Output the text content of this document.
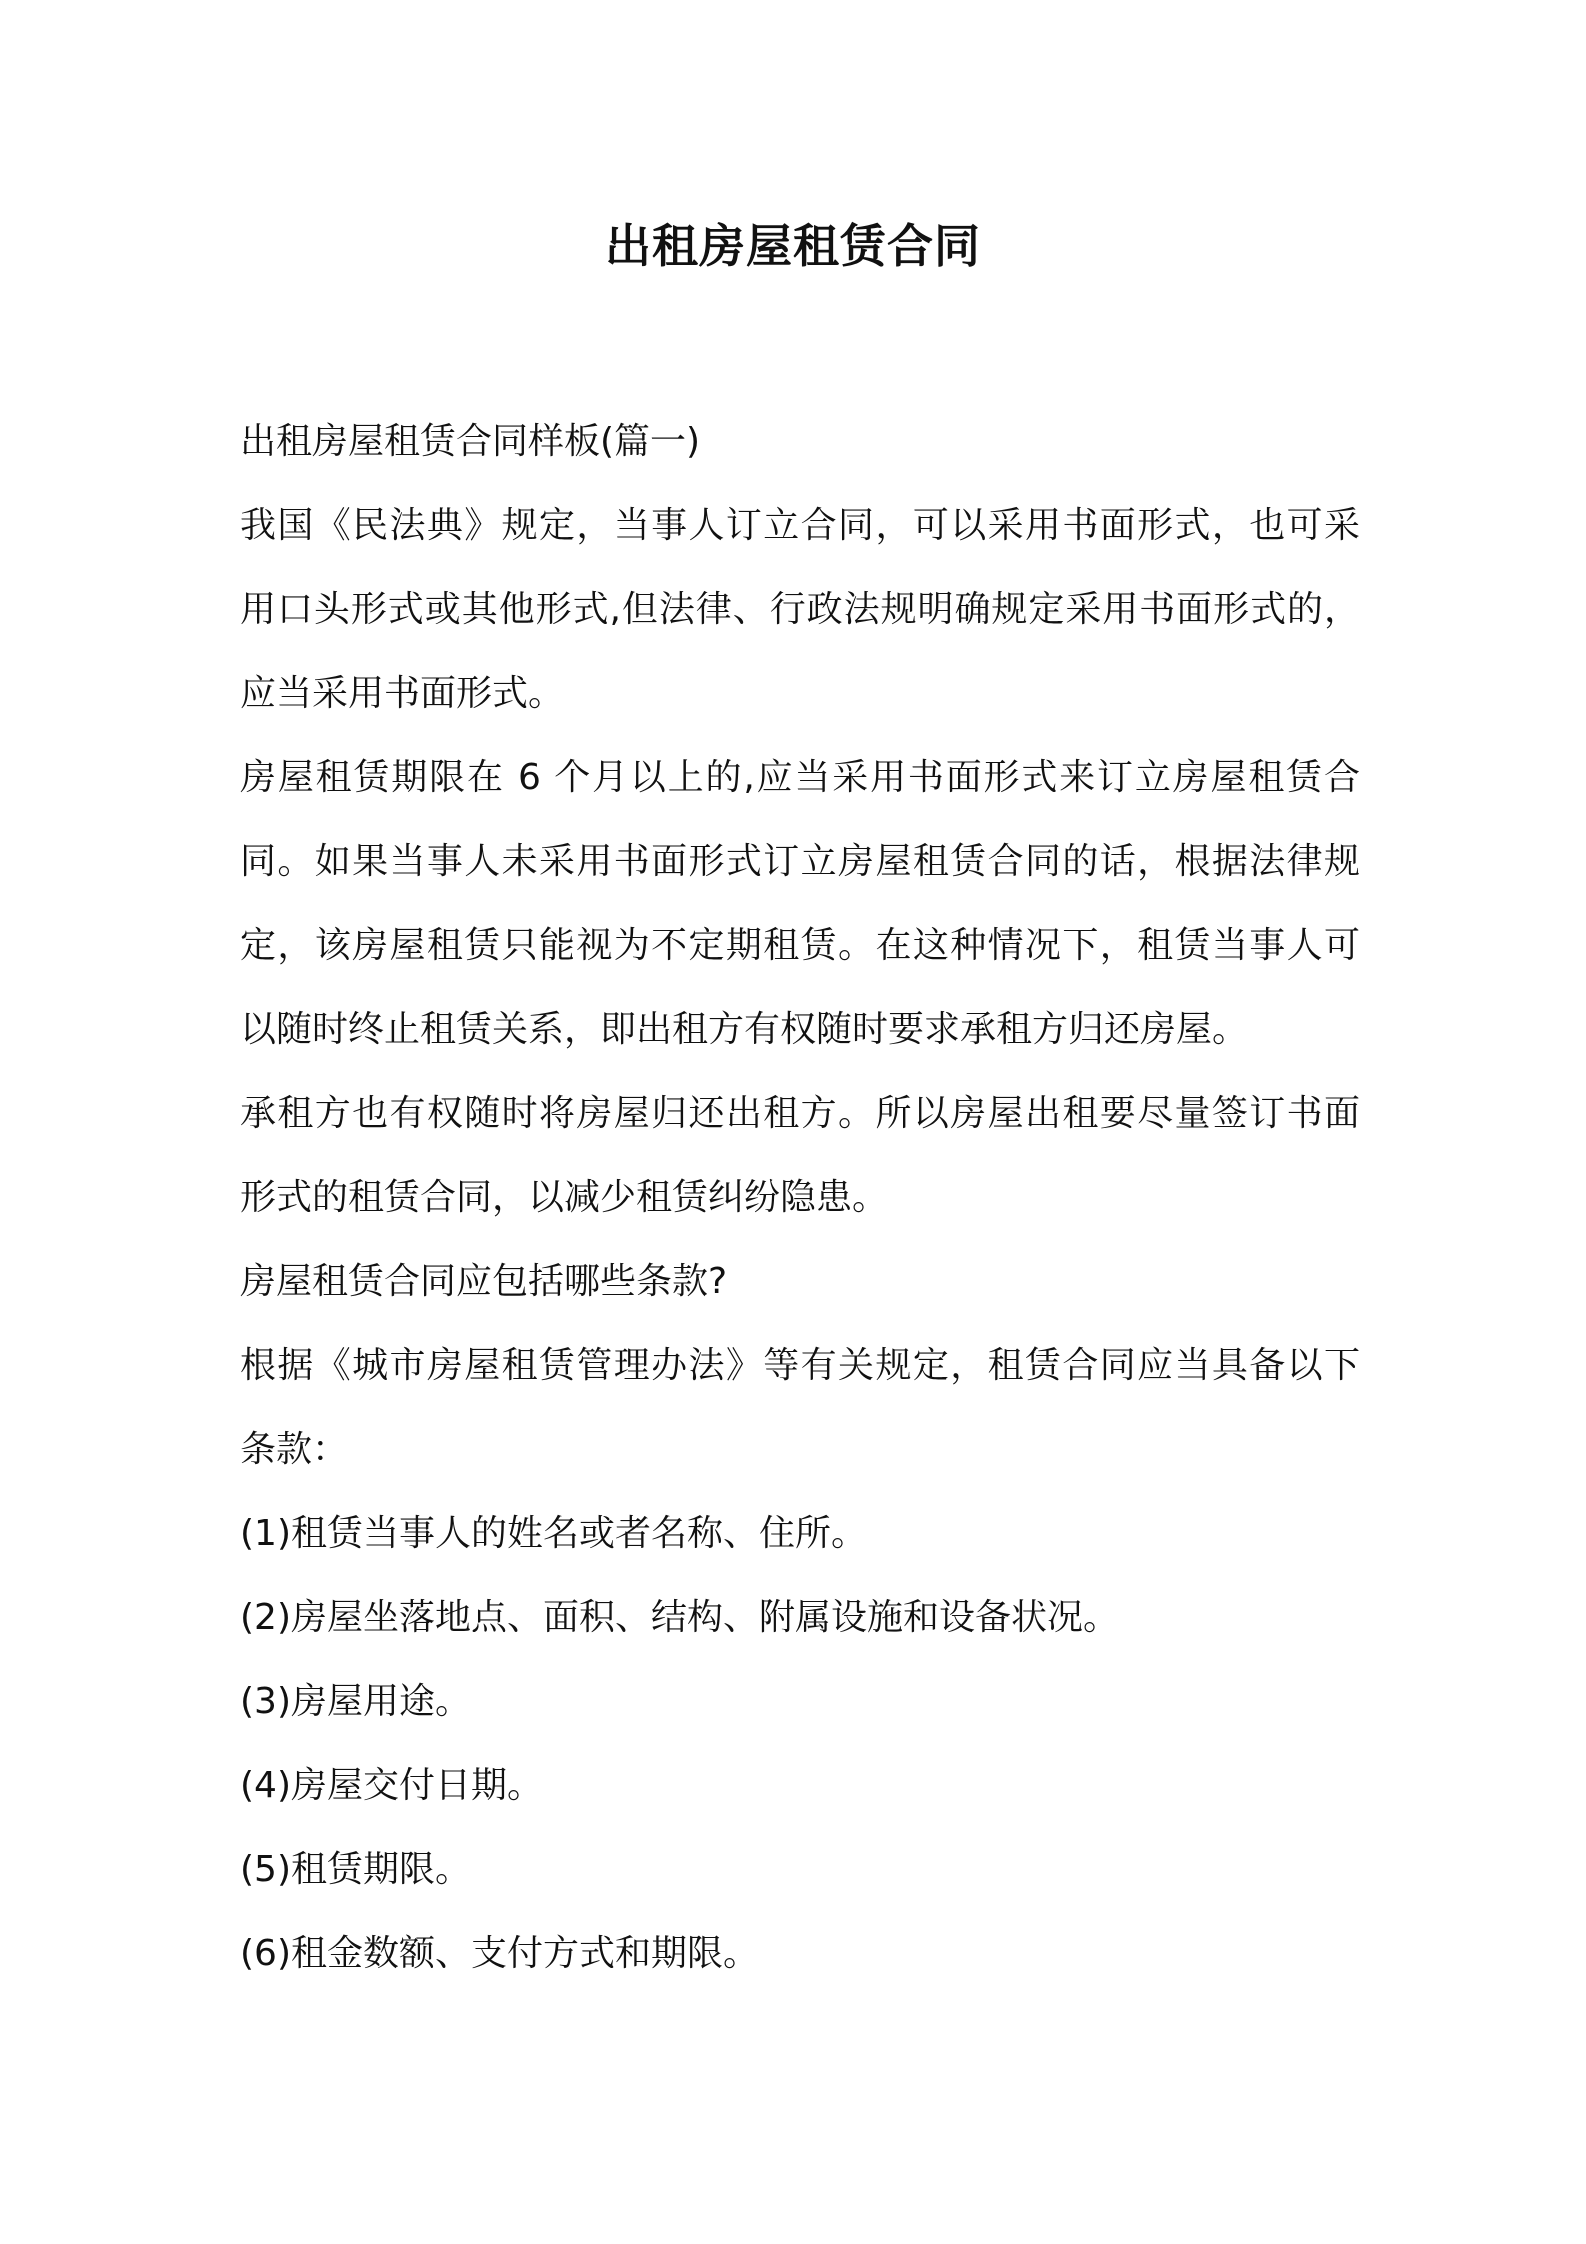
出租房屋租赁合同
出租房屋租赁合同样板(篇一)
我国《民法典》规定，当事人订立合同，可以采用书面形式，也可采
用口头形式或其他形式,但法律、行政法规明确规定采用书面形式的，
应当采用书面形式。
房屋租赁期限在 6 个月以上的,应当采用书面形式来订立房屋租赁合
同。如果当事人未采用书面形式订立房屋租赁合同的话，根据法律规
定，该房屋租赁只能视为不定期租赁。在这种情况下，租赁当事人可
以随时终止租赁关系，即出租方有权随时要求承租方归还房屋。
承租方也有权随时将房屋归还出租方。所以房屋出租要尽量签订书面
形式的租赁合同，以减少租赁纠纷隐患。
房屋租赁合同应包括哪些条款?
根据《城市房屋租赁管理办法》等有关规定，租赁合同应当具备以下
条款：
(1)租赁当事人的姓名或者名称、住所。
(2)房屋坐落地点、面积、结构、附属设施和设备状况。
(3)房屋用途。
(4)房屋交付日期。
(5)租赁期限。
(6)租金数额、支付方式和期限。
